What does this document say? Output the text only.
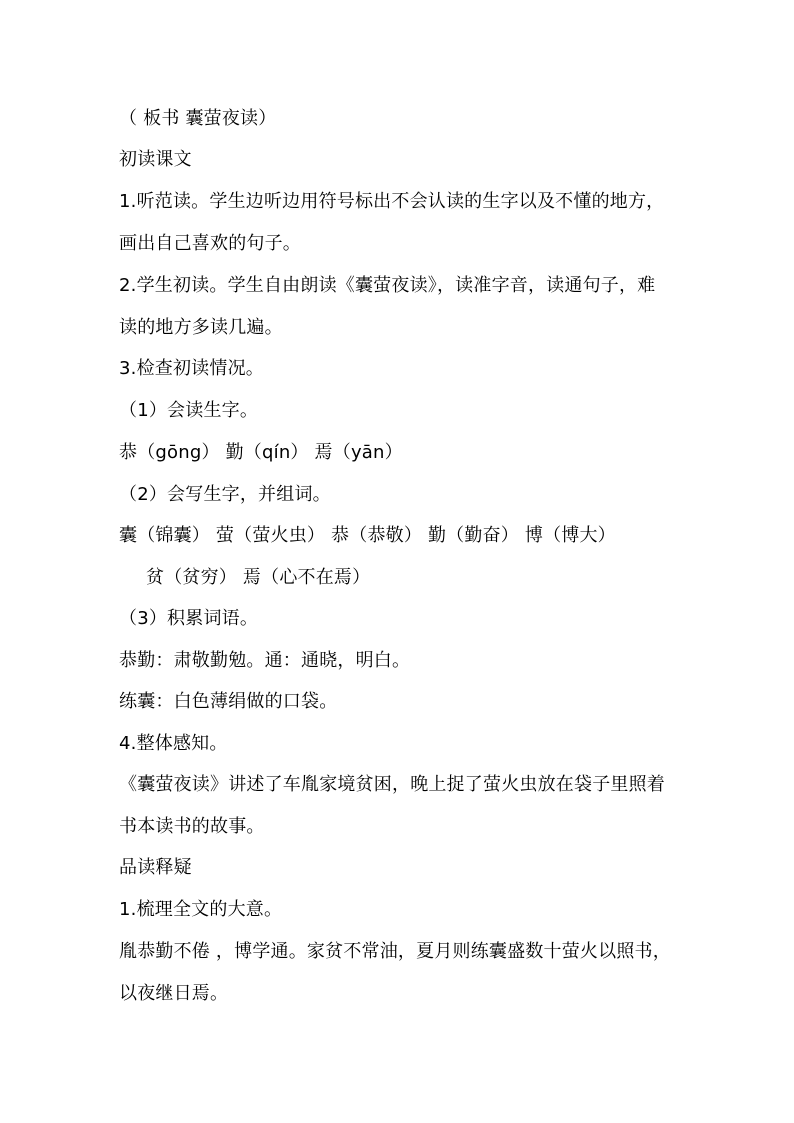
（ 板书 囊萤夜读）
初读课文
1.听范读。学生边听边用符号标出不会认读的生字以及不懂的地方，
画出自己喜欢的句子。
2.学生初读。学生自由朗读《囊萤夜读》，读准字音，读通句子，难
读的地方多读几遍。
3.检查初读情况。
（1）会读生字。
恭（gōng） 勤（qín） 焉（yān）
（2）会写生字，并组词。
囊（锦囊） 萤（萤火虫） 恭（恭敬） 勤（勤奋） 博（博大）
贫（贫穷） 焉（心不在焉）
（3）积累词语。
恭勤：肃敬勤勉。通：通晓，明白。
练囊：白色薄绢做的口袋。
4.整体感知。
《囊萤夜读》讲述了车胤家境贫困，晚上捉了萤火虫放在袋子里照着
书本读书的故事。
品读释疑
1.梳理全文的大意。
胤恭勤不倦 ，博学通。家贫不常油，夏月则练囊盛数十萤火以照书，
以夜继日焉。
